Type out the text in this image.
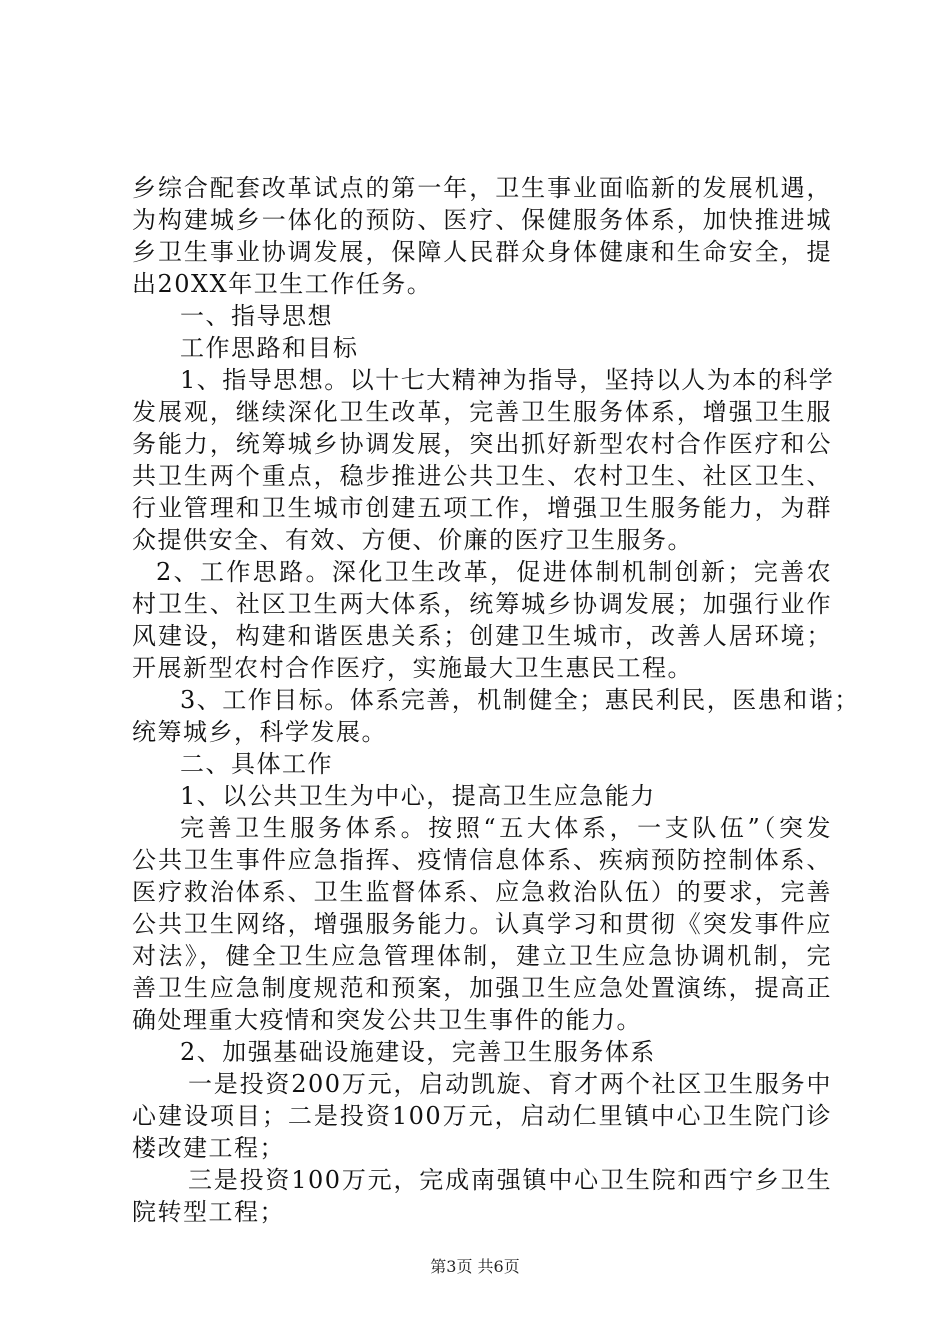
乡综合配套改革试点的第一年，卫生事业面临新的发展机遇，

为构建城乡一体化的预防、医疗、保健服务体系，加快推进城

乡卫生事业协调发展，保障人民群众身体健康和生命安全，提

出20XX年卫生工作任务。

一、指导思想

工作思路和目标

1、指导思想。以十七大精神为指导，坚持以人为本的科学

发展观，继续深化卫生改革，完善卫生服务体系，增强卫生服

务能力，统筹城乡协调发展，突出抓好新型农村合作医疗和公

共卫生两个重点，稳步推进公共卫生、农村卫生、社区卫生、

行业管理和卫生城市创建五项工作，增强卫生服务能力，为群

众提供安全、有效、方便、价廉的医疗卫生服务。

2、工作思路。深化卫生改革，促进体制机制创新；完善农

村卫生、社区卫生两大体系，统筹城乡协调发展；加强行业作

风建设，构建和谐医患关系；创建卫生城市，改善人居环境；

开展新型农村合作医疗，实施最大卫生惠民工程。

3、工作目标。体系完善，机制健全；惠民利民，医患和谐；

统筹城乡，科学发展。

二、具体工作

1、以公共卫生为中心，提高卫生应急能力

完善卫生服务体系。按照“五大体系，一支队伍”（突发

公共卫生事件应急指挥、疫情信息体系、疾病预防控制体系、

医疗救治体系、卫生监督体系、应急救治队伍）的要求，完善

公共卫生网络，增强服务能力。认真学习和贯彻《突发事件应

对法》，健全卫生应急管理体制，建立卫生应急协调机制，完

善卫生应急制度规范和预案，加强卫生应急处置演练，提高正

确处理重大疫情和突发公共卫生事件的能力。

2、加强基础设施建设，完善卫生服务体系

一是投资200万元，启动凯旋、育才两个社区卫生服务中

心建设项目；二是投资100万元，启动仁里镇中心卫生院门诊

楼改建工程；

三是投资100万元，完成南强镇中心卫生院和西宁乡卫生

院转型工程；

第3页 共6页
